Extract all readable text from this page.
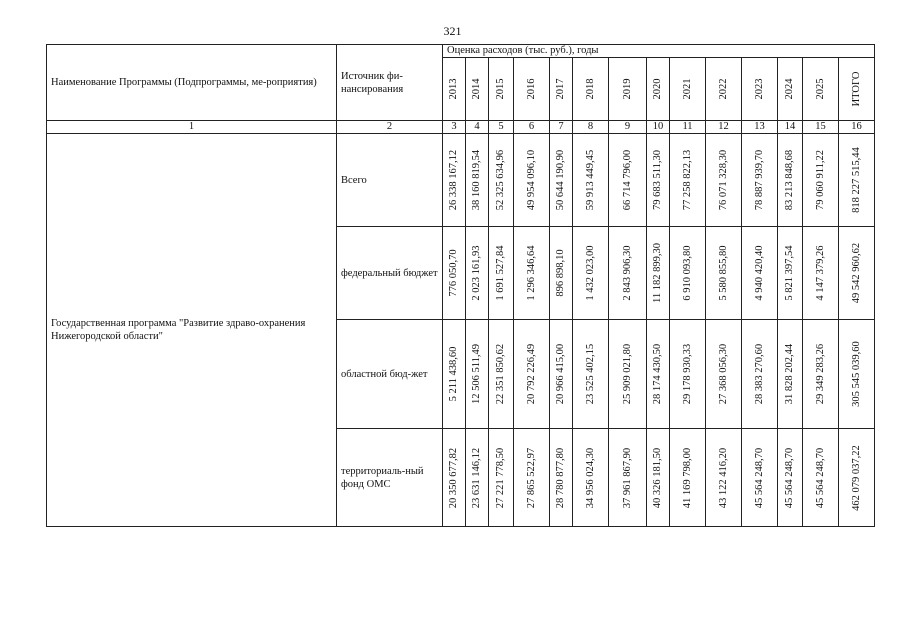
321
Наименование Программы (Подпрограммы, ме-роприятия)	Источник фи-нансирования	Оценка расходов (тыс. руб.), годы													

		2013	2014	2015	2016	2017	2018	2019	2020	2021	2022	2023	2024	2025	ИТОГО

1	2	3	4	5	6	7	8	9	10	11	12	13	14	15	16
Государственная программа "Развитие здраво-охранения Нижегородской области"	Всего	26 338 167,12	38 160 819,54	52 325 634,96	49 954 096,10	50 644 190,90	59 913 449,45	66 714 796,00	79 683 511,30	77 258 822,13	76 071 328,30	78 887 939,70	83 213 848,68	79 060 911,22	818 227 515,44

	федеральный бюджет	776 050,70	2 023 161,93	1 691 527,84	1 296 346,64	896 898,10	1 432 023,00	2 843 906,30	11 182 899,30	6 910 093,80	5 580 855,80	4 940 420,40	5 821 397,54	4 147 379,26	49 542 960,62

	областной бюд-жет	5 211 438,60	12 506 511,49	22 351 850,62	20 792 226,49	20 966 415,00	23 525 402,15	25 909 021,80	28 174 430,50	29 178 930,33	27 368 056,30	28 383 270,60	31 828 202,44	29 349 283,26	305 545 039,60

	территориаль-ный фонд ОМС	20 350 677,82	23 631 146,12	27 221 778,50	27 865 522,97	28 780 877,80	34 956 024,30	37 961 867,90	40 326 181,50	41 169 798,00	43 122 416,20	45 564 248,70	45 564 248,70	45 564 248,70	462 079 037,22
